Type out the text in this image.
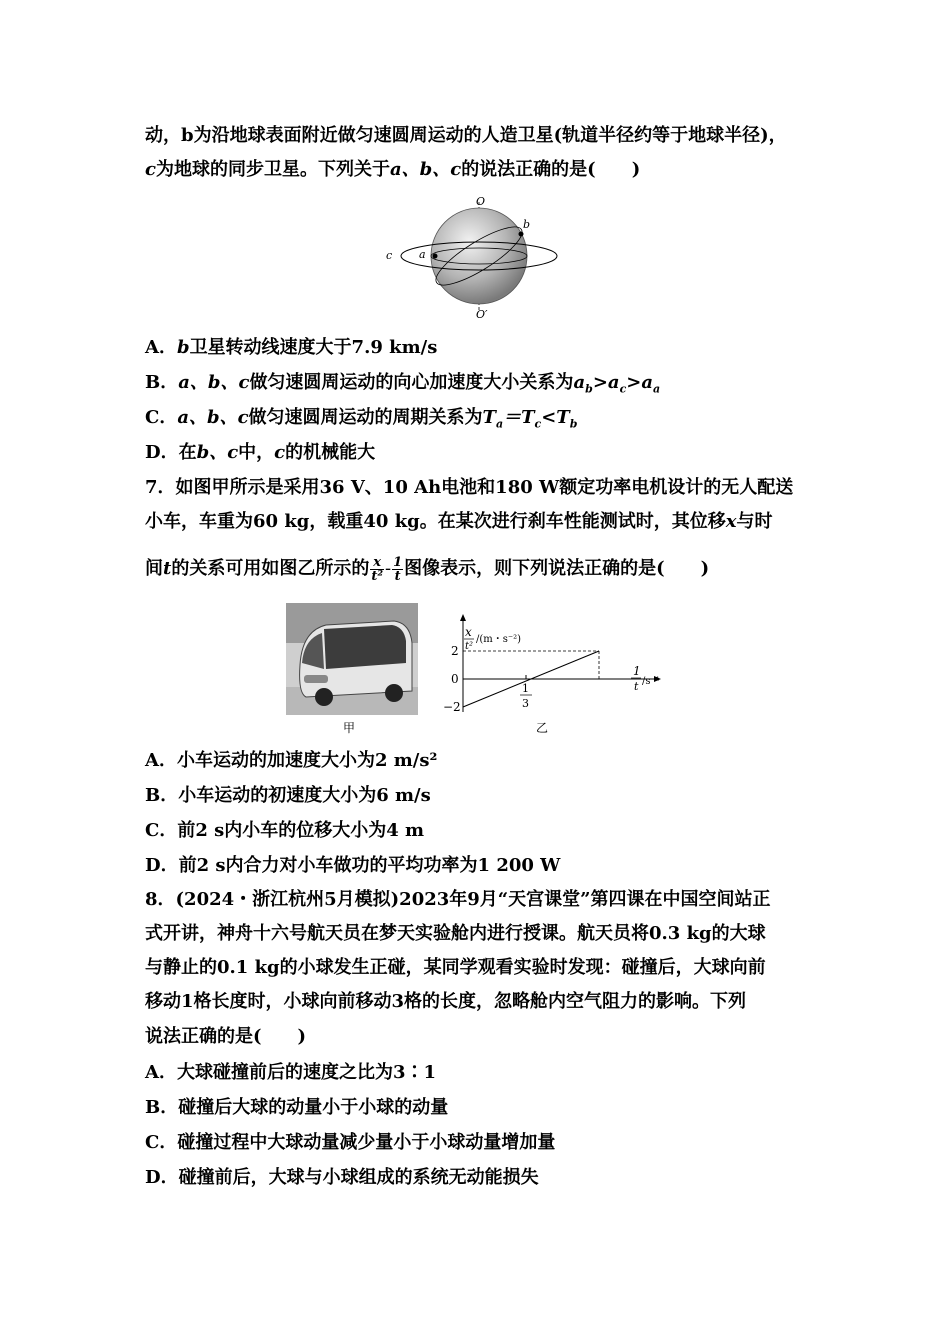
动，b为沿地球表面附近做匀速圆周运动的人造卫星(轨道半径约等于地球半径)，
c为地球的同步卫星。下列关于a、b、c的说法正确的是(　　)
O
O′
a
b
c
A．b卫星转动线速度大于7.9 km/s
B．a、b、c做匀速圆周运动的向心加速度大小关系为$a_b>a_c>a_a$
C．a、b、c做匀速圆周运动的周期关系为$T_a=T_c<T_b$
D．在b、c中，c的机械能大
7．如图甲所示是采用36 V、10 Ah电池和180 W额定功率电机设计的无人配送
小车，车重为60 kg，载重40 kg。在某次进行刹车性能测试时，其位移x与时
间t的关系可用如图乙所示的 $\frac{x}{\text{t²}} - \frac{1}{t}$ 图像表示，则下列说法正确的是(　　)
甲
x
t²
/(m・s⁻²)
2
0
−2
1
3
1
t /s⁻¹
乙
A．小车运动的加速度大小为2 m/s²
B．小车运动的初速度大小为6 m/s
C．前2 s内小车的位移大小为4 m
D．前2 s内合力对小车做功的平均功率为1 200 W
8．(2024・浙江杭州5月模拟)2023年9月“天宫课堂”第四课在中国空间站正
式开讲，神舟十六号航天员在梦天实验舱内进行授课。航天员将0.3 kg的大球
与静止的0.1 kg的小球发生正碰，某同学观看实验时发现：碰撞后，大球向前
移动1格长度时，小球向前移动3格的长度，忽略舱内空气阻力的影响。下列
说法正确的是(　　)
A．大球碰撞前后的速度之比为3∶1
B．碰撞后大球的动量小于小球的动量
C．碰撞过程中大球动量减少量小于小球动量增加量
D．碰撞前后，大球与小球组成的系统无动能损失
